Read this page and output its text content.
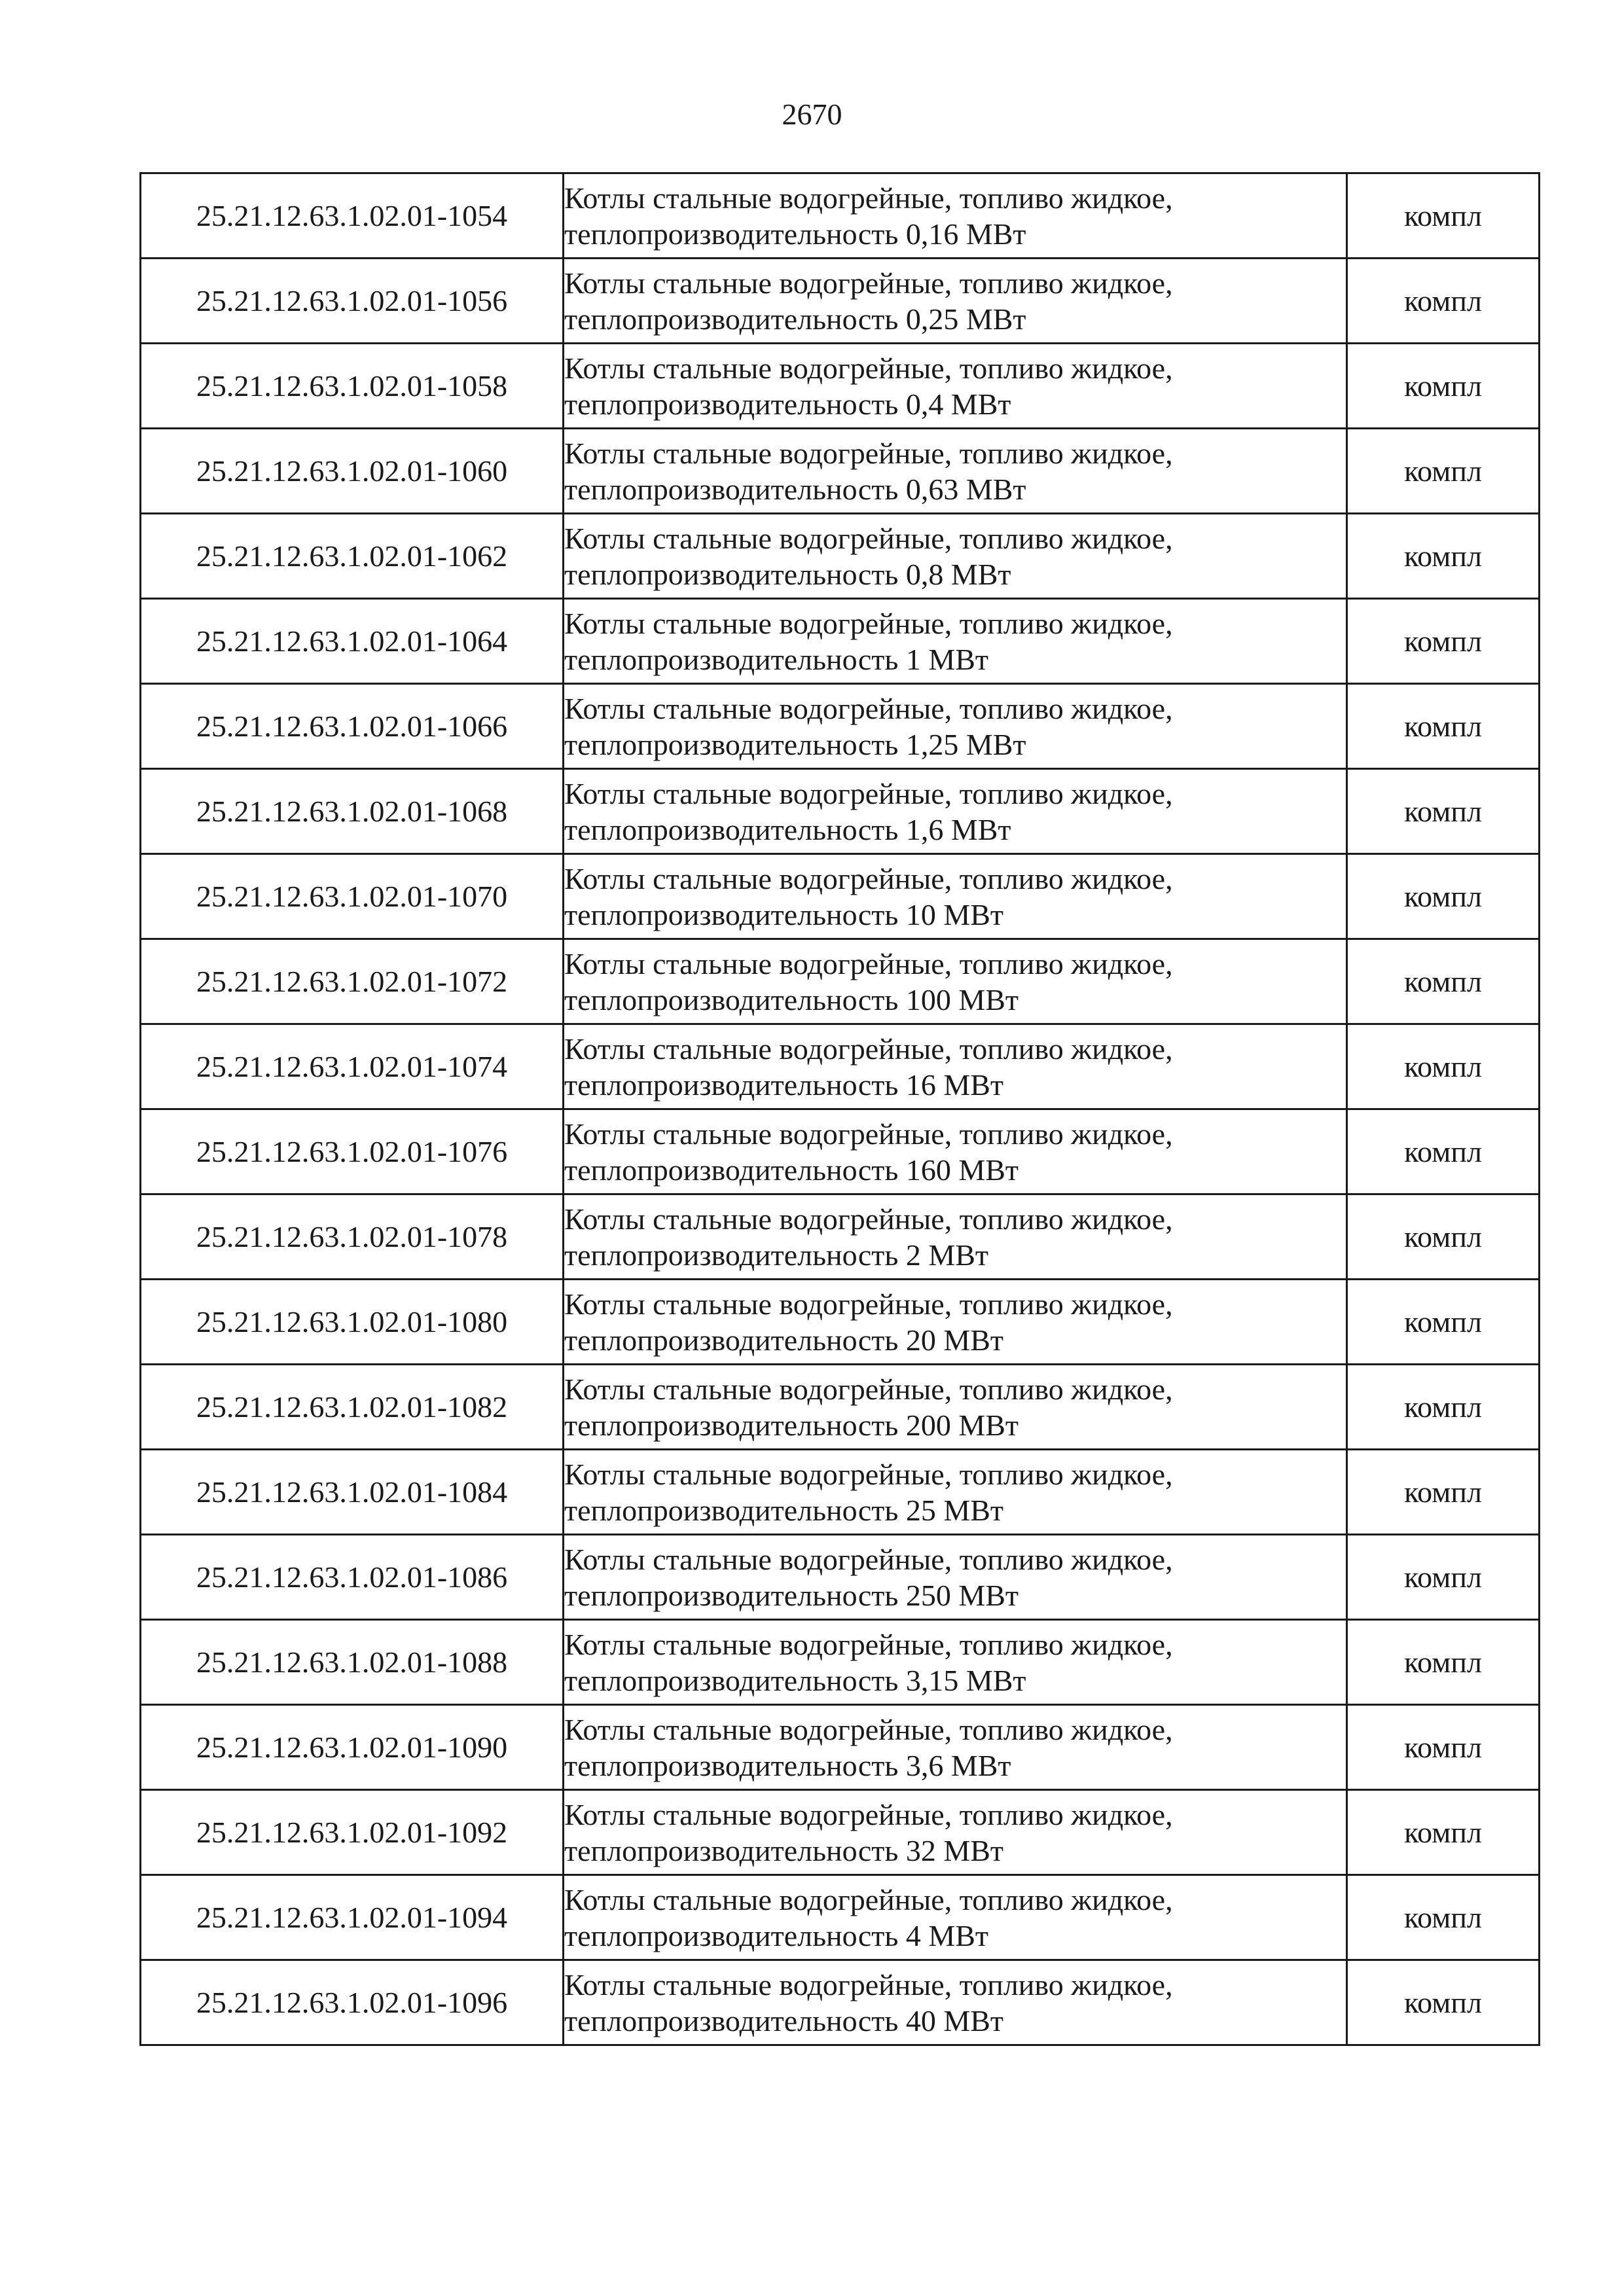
2670
25.21.12.63.1.02.01-1054	Котлы стальные водогрейные, топливо жидкое,
теплопроизводительность 0,16 МВт	компл
25.21.12.63.1.02.01-1056	Котлы стальные водогрейные, топливо жидкое,
теплопроизводительность 0,25 МВт	компл
25.21.12.63.1.02.01-1058	Котлы стальные водогрейные, топливо жидкое,
теплопроизводительность 0,4 МВт	компл
25.21.12.63.1.02.01-1060	Котлы стальные водогрейные, топливо жидкое,
теплопроизводительность 0,63 МВт	компл
25.21.12.63.1.02.01-1062	Котлы стальные водогрейные, топливо жидкое,
теплопроизводительность 0,8 МВт	компл
25.21.12.63.1.02.01-1064	Котлы стальные водогрейные, топливо жидкое,
теплопроизводительность 1 МВт	компл
25.21.12.63.1.02.01-1066	Котлы стальные водогрейные, топливо жидкое,
теплопроизводительность 1,25 МВт	компл
25.21.12.63.1.02.01-1068	Котлы стальные водогрейные, топливо жидкое,
теплопроизводительность 1,6 МВт	компл
25.21.12.63.1.02.01-1070	Котлы стальные водогрейные, топливо жидкое,
теплопроизводительность 10 МВт	компл
25.21.12.63.1.02.01-1072	Котлы стальные водогрейные, топливо жидкое,
теплопроизводительность 100 МВт	компл
25.21.12.63.1.02.01-1074	Котлы стальные водогрейные, топливо жидкое,
теплопроизводительность 16 МВт	компл
25.21.12.63.1.02.01-1076	Котлы стальные водогрейные, топливо жидкое,
теплопроизводительность 160 МВт	компл
25.21.12.63.1.02.01-1078	Котлы стальные водогрейные, топливо жидкое,
теплопроизводительность 2 МВт	компл
25.21.12.63.1.02.01-1080	Котлы стальные водогрейные, топливо жидкое,
теплопроизводительность 20 МВт	компл
25.21.12.63.1.02.01-1082	Котлы стальные водогрейные, топливо жидкое,
теплопроизводительность 200 МВт	компл
25.21.12.63.1.02.01-1084	Котлы стальные водогрейные, топливо жидкое,
теплопроизводительность 25 МВт	компл
25.21.12.63.1.02.01-1086	Котлы стальные водогрейные, топливо жидкое,
теплопроизводительность 250 МВт	компл
25.21.12.63.1.02.01-1088	Котлы стальные водогрейные, топливо жидкое,
теплопроизводительность 3,15 МВт	компл
25.21.12.63.1.02.01-1090	Котлы стальные водогрейные, топливо жидкое,
теплопроизводительность 3,6 МВт	компл
25.21.12.63.1.02.01-1092	Котлы стальные водогрейные, топливо жидкое,
теплопроизводительность 32 МВт	компл
25.21.12.63.1.02.01-1094	Котлы стальные водогрейные, топливо жидкое,
теплопроизводительность 4 МВт	компл
25.21.12.63.1.02.01-1096	Котлы стальные водогрейные, топливо жидкое,
теплопроизводительность 40 МВт	компл
